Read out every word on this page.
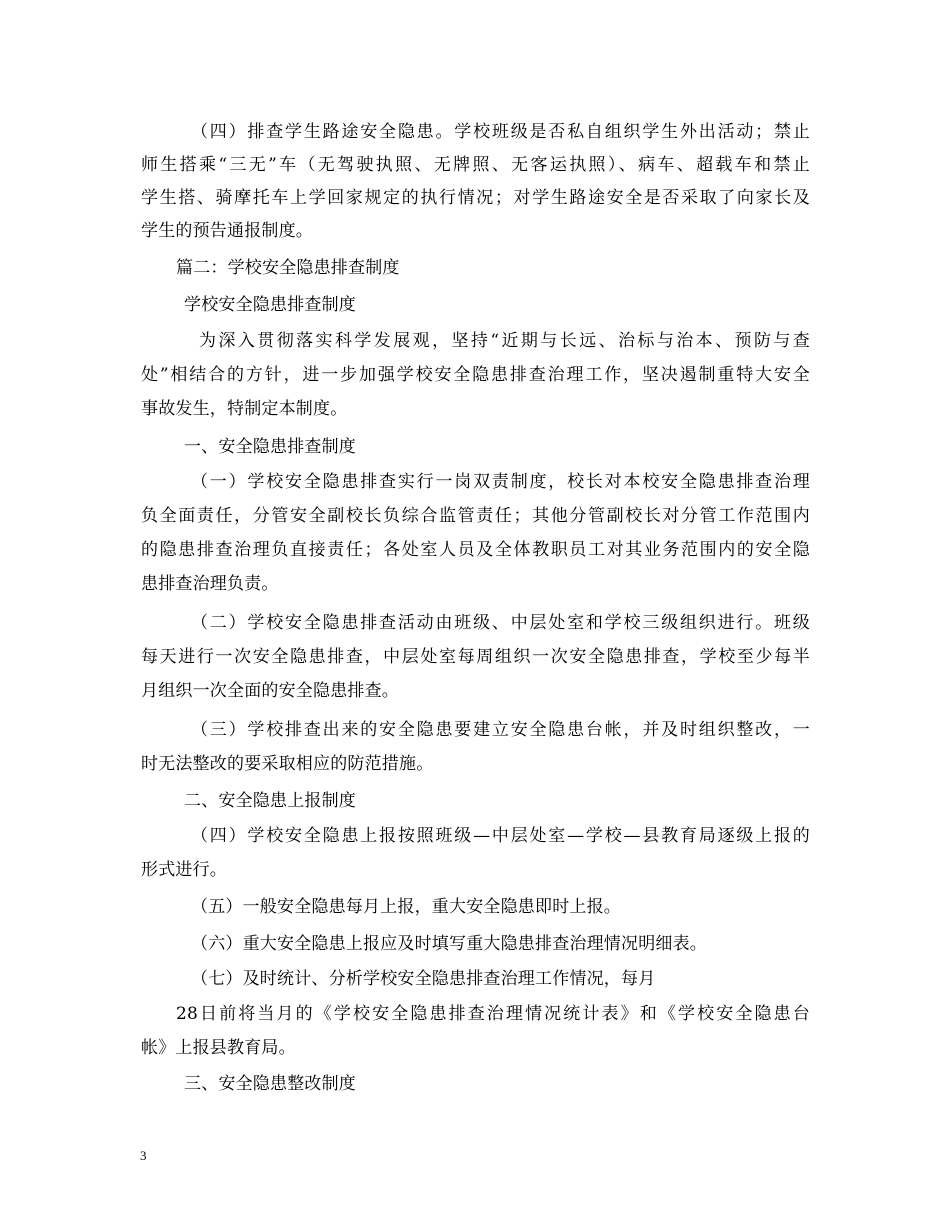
（四）排查学生路途安全隐患。学校班级是否私自组织学生外出活动；禁止
师生搭乘“三无”车（无驾驶执照、无牌照、无客运执照）、病车、超载车和禁止
学生搭、骑摩托车上学回家规定的执行情况；对学生路途安全是否采取了向家长及
学生的预告通报制度。
篇二：学校安全隐患排查制度
学校安全隐患排查制度
为深入贯彻落实科学发展观，坚持“近期与长远、治标与治本、预防与查
处”相结合的方针，进一步加强学校安全隐患排查治理工作，坚决遏制重特大安全
事故发生，特制定本制度。
一、安全隐患排查制度
（一）学校安全隐患排查实行一岗双责制度，校长对本校安全隐患排查治理
负全面责任，分管安全副校长负综合监管责任；其他分管副校长对分管工作范围内
的隐患排查治理负直接责任；各处室人员及全体教职员工对其业务范围内的安全隐
患排查治理负责。
（二）学校安全隐患排查活动由班级、中层处室和学校三级组织进行。班级
每天进行一次安全隐患排查，中层处室每周组织一次安全隐患排查，学校至少每半
月组织一次全面的安全隐患排查。
（三）学校排查出来的安全隐患要建立安全隐患台帐，并及时组织整改，一
时无法整改的要采取相应的防范措施。
二、安全隐患上报制度
（四）学校安全隐患上报按照班级—中层处室—学校—县教育局逐级上报的
形式进行。
（五）一般安全隐患每月上报，重大安全隐患即时上报。
（六）重大安全隐患上报应及时填写重大隐患排查治理情况明细表。
（七）及时统计、分析学校安全隐患排查治理工作情况，每月
28日前将当月的《学校安全隐患排查治理情况统计表》和《学校安全隐患台
帐》上报县教育局。
三、安全隐患整改制度
3
